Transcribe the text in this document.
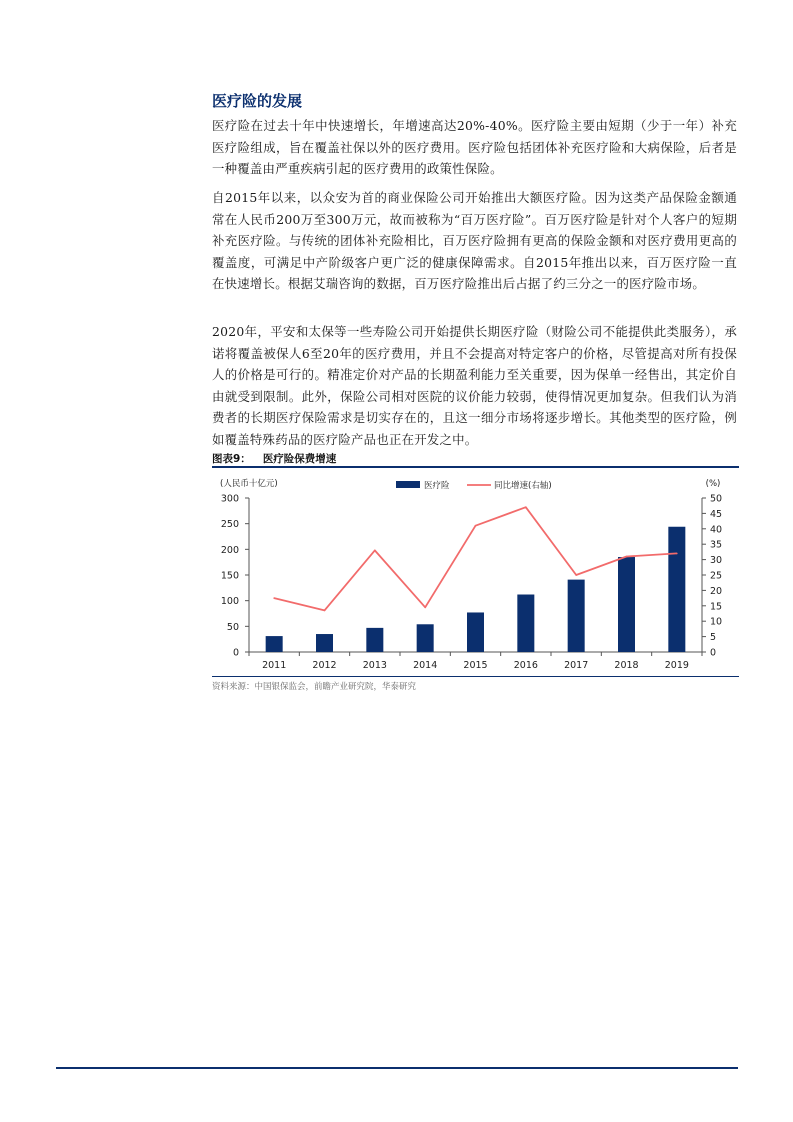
医疗险的发展

医疗险在过去十年中快速增长，年增速高达20%-40%。医疗险主要由短期（少于一年）补充医疗险组成，旨在覆盖社保以外的医疗费用。医疗险包括团体补充医疗险和大病保险，后者是一种覆盖由严重疾病引起的医疗费用的政策性保险。

自2015年以来，以众安为首的商业保险公司开始推出大额医疗险。因为这类产品保险金额通常在人民币200万至300万元，故而被称为“百万医疗险”。百万医疗险是针对个人客户的短期补充医疗险。与传统的团体补充险相比，百万医疗险拥有更高的保险金额和对医疗费用更高的覆盖度，可满足中产阶级客户更广泛的健康保障需求。自2015年推出以来，百万医疗险一直在快速增长。根据艾瑞咨询的数据，百万医疗险推出后占据了约三分之一的医疗险市场。

2020年，平安和太保等一些寿险公司开始提供长期医疗险（财险公司不能提供此类服务），承诺将覆盖被保人6至20年的医疗费用，并且不会提高对特定客户的价格，尽管提高对所有投保人的价格是可行的。精准定价对产品的长期盈利能力至关重要，因为保单一经售出，其定价自由就受到限制。此外，保险公司相对医院的议价能力较弱，使得情况更加复杂。但我们认为消费者的长期医疗保险需求是切实存在的，且这一细分市场将逐步增长。其他类型的医疗险，例如覆盖特殊药品的医疗险产品也正在开发之中。

图表9： 医疗险保费增速
0
50
100
150
200
250
300
0
5
10
15
20
25
30
35
40
45
50
2011	2012	2013	2014	2015	2016	2017	2018	2019
(人民币十亿元)	(%)
医疗险	同比增速(右轴)

资料来源：中国银保监会，前瞻产业研究院，华泰研究
